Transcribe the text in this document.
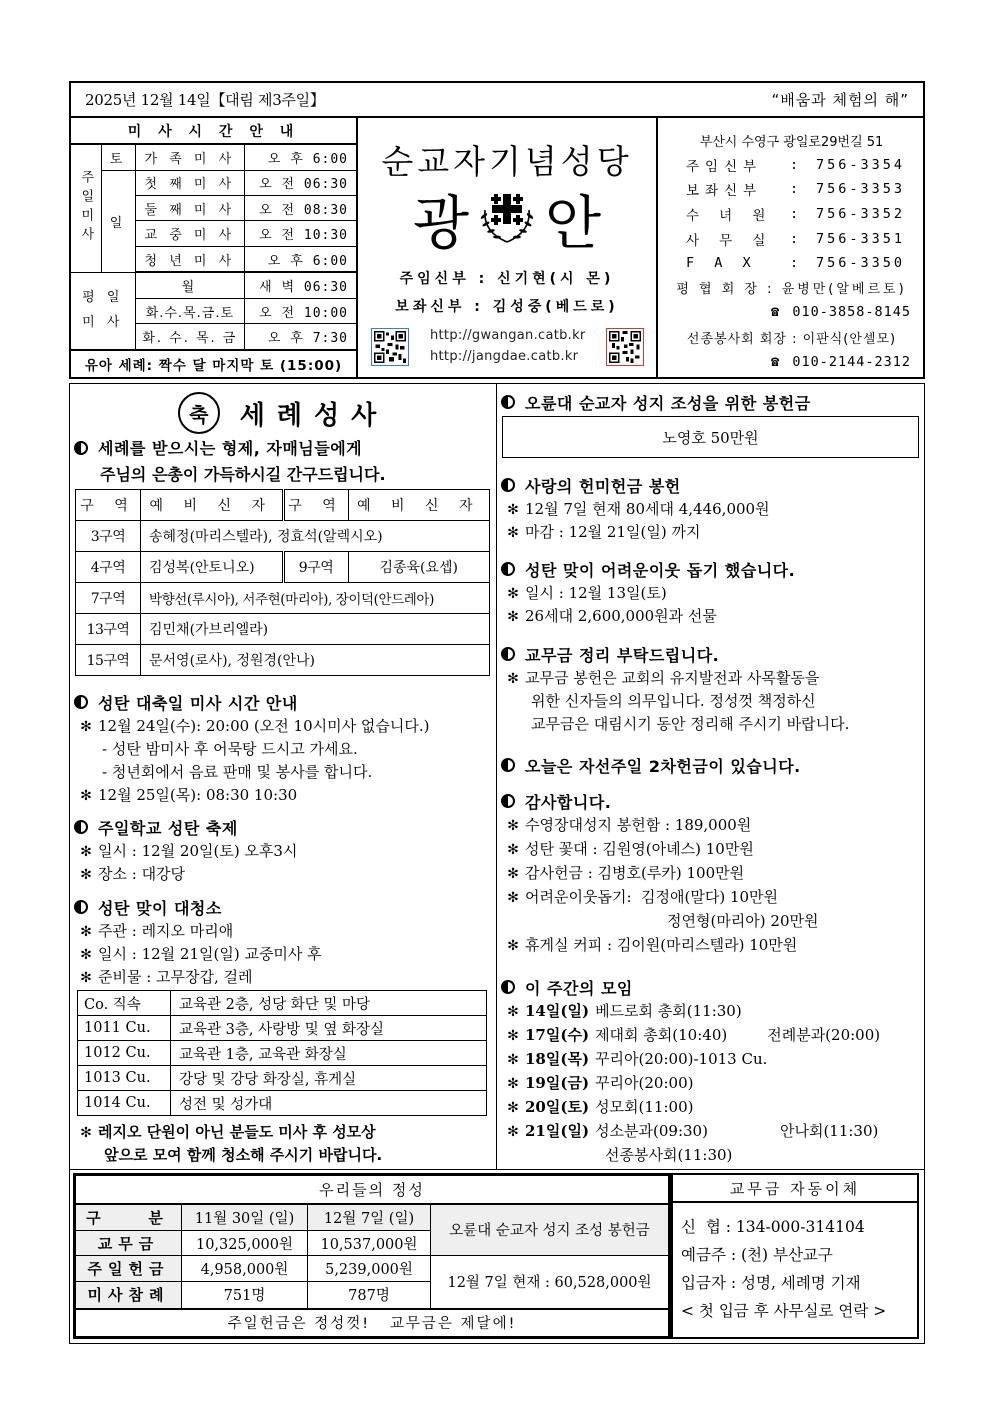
2025년 12월 14일【대림 제3주일】	“배움과 체험의 해”
미 사 시 간 안 내			
주일미사	토	가 족 미 사	오 후 6:00
	일	첫 째 미 사	오 전 06:30
		둘 째 미 사	오 전 08:30
		교 중 미 사	오 전 10:30
		청 년 미 사	오 후 6:00

평 일
미 사		월	새 벽 06:30
		화.수.목.금.토	오 전 10:00
		화. 수. 목. 금	오 후 7:30
유아 세례: 짝수 달 마지막 토 (15:00)			
순교자기념성당
광 안
주임신부 : 신기현(시 몬)
보좌신부 : 김성중(베드로)
http://gwangan.catb.kr
http://jangdae.catb.kr
부산시 수영구 광일로29번길 51
주임신부	:	756-3354
보좌신부	:	756-3353
수 녀 원	:	756-3352
사 무 실	:	756-3351
F A X	:	756-3350
평 협 회 장 : 윤병만(알베르토)
☎ 010-3858-8145
선종봉사회 회장 : 이판식(안셀모)
☎ 010-2144-2312
축	세례성사
세례를 받으시는 형제, 자매님들에게
주님의 은총이 가득하시길 간구드립니다.
구 역	예 비 신 자	구 역	예 비 신 자
3구역	송혜정(마리스텔라), 정효석(알렉시오)		
4구역	김성복(안토니오)	9구역	김종육(요셉)
7구역	박향선(루시아), 서주현(마리아), 장이덕(안드레아)		
13구역	김민채(가브리엘라)		
15구역	문서영(로사), 정원경(안나)		
성탄 대축일 미사 시간 안내
✻ 12월 24일(수): 20:00 (오전 10시미사 없습니다.)
- 성탄 밤미사 후 어묵탕 드시고 가세요.
- 청년회에서 음료 판매 및 봉사를 합니다.
✻ 12월 25일(목): 08:30 10:30
주일학교 성탄 축제
✻ 일시 : 12월 20일(토) 오후3시
✻ 장소 : 대강당
성탄 맞이 대청소
✻ 주관 : 레지오 마리애
✻ 일시 : 12월 21일(일) 교중미사 후
✻ 준비물 : 고무장갑, 걸레
Co. 직속	교육관 2층, 성당 화단 및 마당
1011 Cu.	교육관 3층, 사랑방 및 옆 화장실
1012 Cu.	교육관 1층, 교육관 화장실
1013 Cu.	강당 및 강당 화장실, 휴게실
1014 Cu.	성전 및 성가대
✻ 레지오 단원이 아닌 분들도 미사 후 성모상
앞으로 모여 함께 청소해 주시기 바랍니다.
오륜대 순교자 성지 조성을 위한 봉헌금
노영호 50만원
사랑의 헌미헌금 봉헌
✻ 12월 7일 현재 80세대 4,446,000원
✻ 마감 : 12월 21일(일) 까지
성탄 맞이 어려운이웃 돕기 했습니다.
✻ 일시 : 12월 13일(토)
✻ 26세대 2,600,000원과 선물
교무금 정리 부탁드립니다.
✻ 교무금 봉헌은 교회의 유지발전과 사목활동을
위한 신자들의 의무입니다. 정성껏 책정하신
교무금은 대림시기 동안 정리해 주시기 바랍니다.
오늘은 자선주일 2차헌금이 있습니다.
감사합니다.
✻ 수영장대성지 봉헌함 : 189,000원
✻ 성탄 꽃대 : 김원영(아녜스) 10만원
✻ 감사헌금 : 김병호(루카) 100만원
✻ 어려운이웃돕기 : 김정애(말다) 10만원
정연형(마리아) 20만원
✻ 휴게실 커피 : 김이원(마리스텔라) 10만원
이 주간의 모임
✻ 14일(일) 베드로회 총회(11:30)
✻ 17일(수) 제대회 총회(10:40)	전례분과(20:00)
✻ 18일(목) 꾸리아(20:00)-1013 Cu.
✻ 19일(금) 꾸리아(20:00)
✻ 20일(토) 성모회(11:00)
✻ 21일(일) 성소분과(09:30)	안나회(11:30)
선종봉사회(11:30)
우리들의 정성			
구   분	11월 30일 (일)	12월 7일 (일)	오륜대 순교자 성지 조성 봉헌금
교무금	10,325,000원	10,537,000원	
주일헌금	4,958,000원	5,239,000원	12월 7일 현재 : 60,528,000원
미사참례	751명	787명	
주일헌금은 정성껏!   교무금은 제달에!			
교무금 자동이체
신  협 : 134-000-314104
예금주 : (천) 부산교구
입금자 : 성명, 세례명 기재
< 첫 입금 후 사무실로 연락 >
